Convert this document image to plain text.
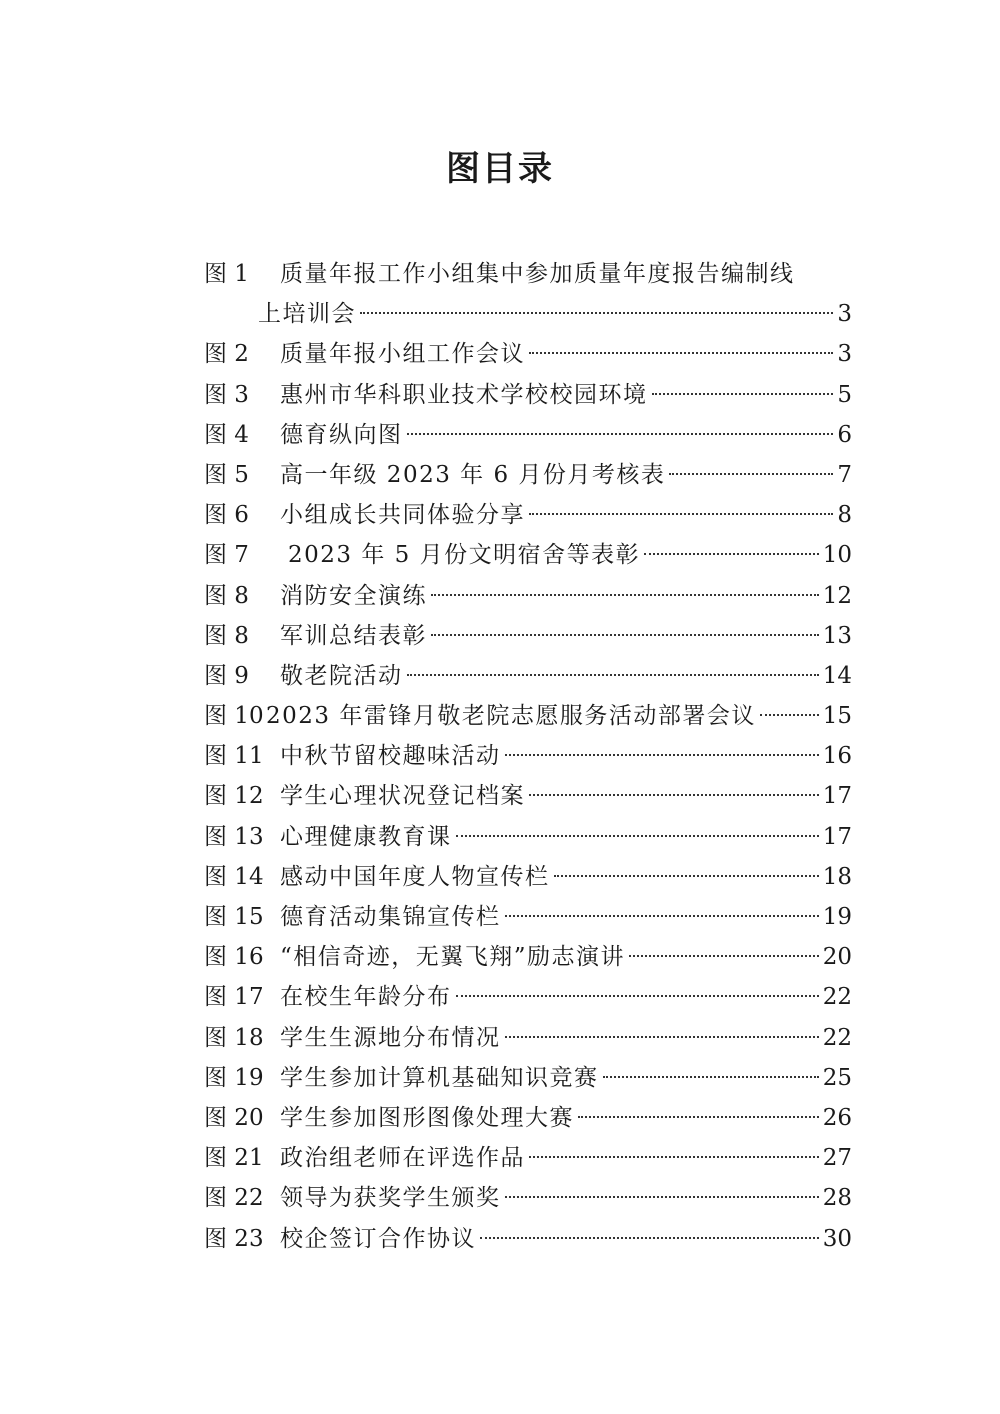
图目录
图 1 质量年报工作小组集中参加质量年度报告编制线
上培训会	3
图 2 质量年报小组工作会议	3
图 3 惠州市华科职业技术学校校园环境	5
图 4 德育纵向图	6
图 5 高一年级 2023 年 6 月份月考核表	7
图 6 小组成长共同体验分享	8
图 7 2023 年 5 月份文明宿舍等表彰	10
图 8 消防安全演练	12
图 8 军训总结表彰	13
图 9 敬老院活动	14
图 10 2023 年雷锋月敬老院志愿服务活动部署会议	15
图 11 中秋节留校趣味活动	16
图 12 学生心理状况登记档案	17
图 13 心理健康教育课	17
图 14 感动中国年度人物宣传栏	18
图 15 德育活动集锦宣传栏	19
图 16 “相信奇迹，无翼飞翔”励志演讲	20
图 17 在校生年龄分布	22
图 18 学生生源地分布情况	22
图 19 学生参加计算机基础知识竞赛	25
图 20 学生参加图形图像处理大赛	26
图 21 政治组老师在评选作品	27
图 22 领导为获奖学生颁奖	28
图 23 校企签订合作协议	30
